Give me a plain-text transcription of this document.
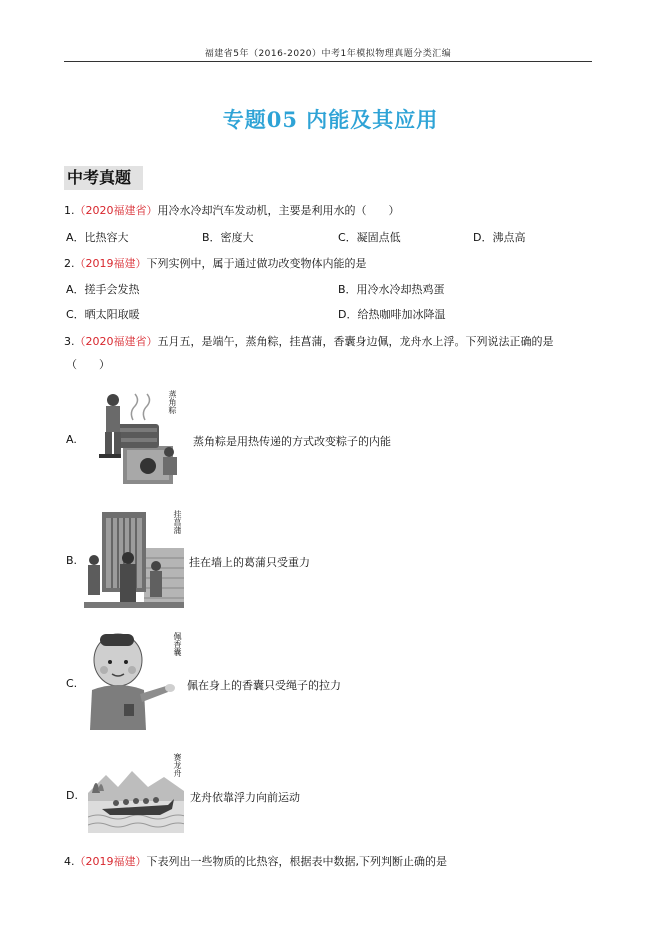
福建省5年（2016-2020）中考1年模拟物理真题分类汇编
专题05 内能及其应用
中考真题
1.（2020福建省）用冷水冷却汽车发动机，主要是利用水的（　　）
A．比热容大	B．密度大	C．凝固点低	D．沸点高
2.（2019福建）下列实例中，属于通过做功改变物体内能的是
A．搓手会发热	B．用冷水冷却热鸡蛋
C．晒太阳取暖	D．给热咖啡加冰降温
3.（2020福建省）五月五，是端午，蒸角粽，挂菖蒲，香囊身边佩，龙舟水上浮。下列说法正确的是
（　　）
A.
蒸角粽
蒸角粽是用热传递的方式改变粽子的内能
B.
挂菖蒲
挂在墙上的葛蒲只受重力
C.
佩香囊
佩在身上的香囊只受绳子的拉力
D.
赛龙舟
龙舟依靠浮力向前运动
4.（2019福建）下表列出一些物质的比热容，根据表中数据,下列判断止确的是
